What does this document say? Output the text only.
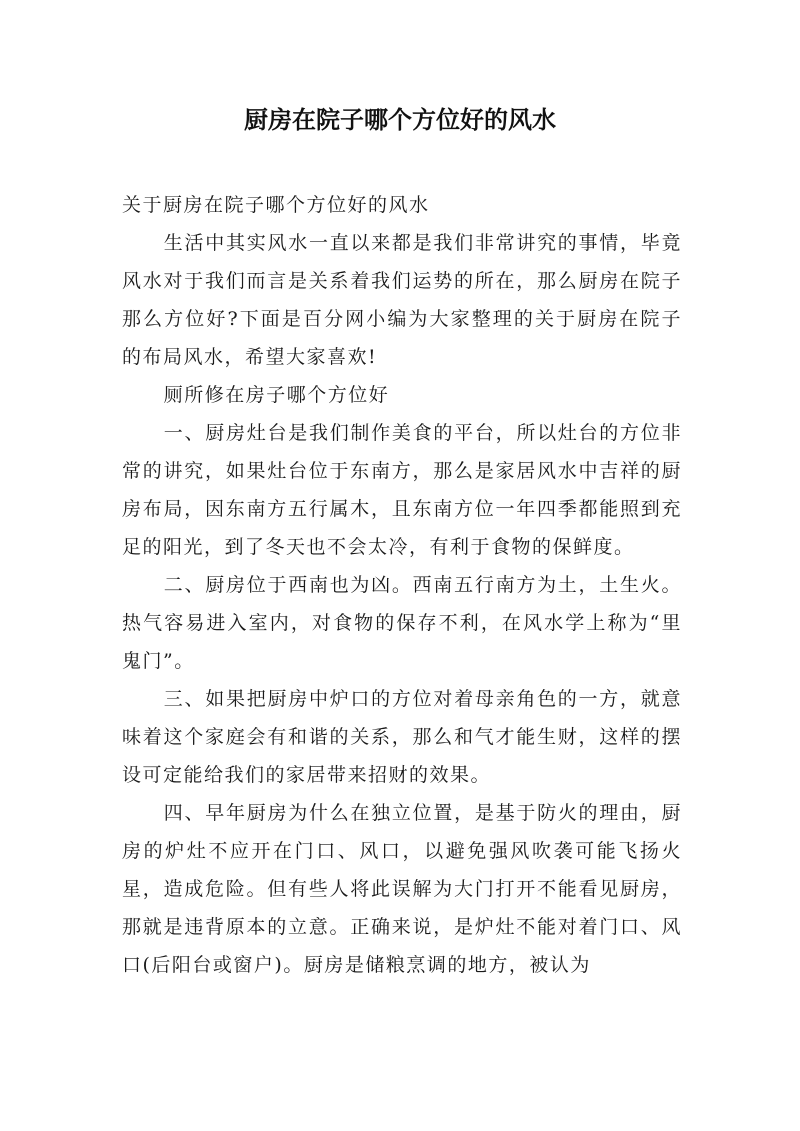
厨房在院子哪个方位好的风水

关于厨房在院子哪个方位好的风水

生活中其实风水一直以来都是我们非常讲究的事情，毕竟风水对于我们而言是关系着我们运势的所在，那么厨房在院子那么方位好?下面是百分网小编为大家整理的关于厨房在院子的布局风水，希望大家喜欢!

厕所修在房子哪个方位好

一、厨房灶台是我们制作美食的平台，所以灶台的方位非常的讲究，如果灶台位于东南方，那么是家居风水中吉祥的厨房布局，因东南方五行属木，且东南方位一年四季都能照到充足的阳光，到了冬天也不会太冷，有利于食物的保鲜度。

二、厨房位于西南也为凶。西南五行南方为土，土生火。热气容易进入室内，对食物的保存不利，在风水学上称为“里鬼门”。

三、如果把厨房中炉口的方位对着母亲角色的一方，就意味着这个家庭会有和谐的关系，那么和气才能生财，这样的摆设可定能给我们的家居带来招财的效果。

四、早年厨房为什么在独立位置，是基于防火的理由，厨房的炉灶不应开在门口、风口，以避免强风吹袭可能飞扬火星，造成危险。但有些人将此误解为大门打开不能看见厨房，那就是违背原本的立意。正确来说，是炉灶不能对着门口、风口(后阳台或窗户)。厨房是储粮烹调的地方，被认为
